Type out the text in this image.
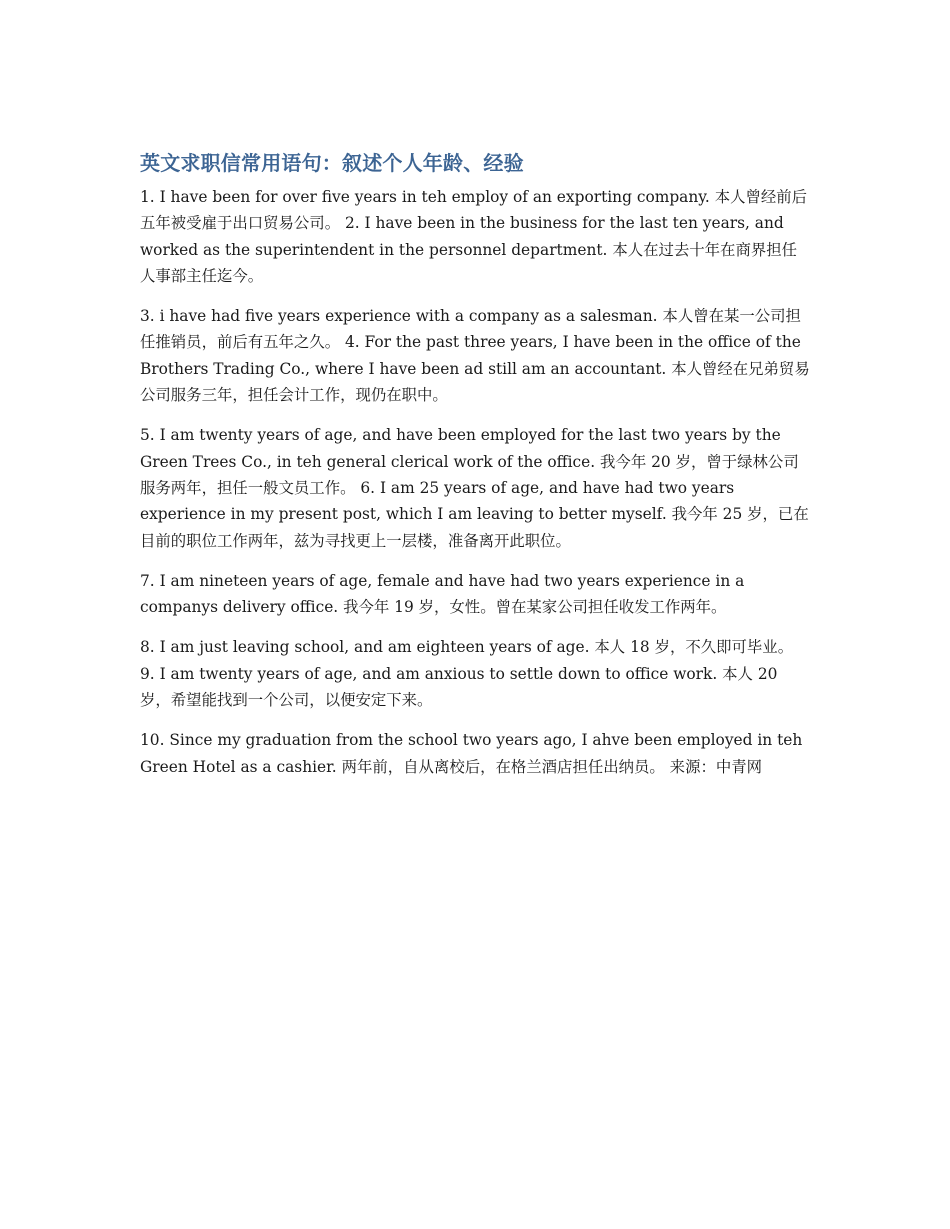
英文求职信常用语句：叙述个人年龄、经验

1. I have been for over five years in teh employ of an exporting company. 本人曾经前后五年被受雇于出口贸易公司。 2. I have been in the business for the last ten years, and worked as the superintendent in the personnel department. 本人在过去十年在商界担任人事部主任迄今。

3. i have had five years experience with a company as a salesman. 本人曾在某一公司担任推销员，前后有五年之久。 4. For the past three years, I have been in the office of the Brothers Trading Co., where I have been ad still am an accountant. 本人曾经在兄弟贸易公司服务三年，担任会计工作，现仍在职中。

5. I am twenty years of age, and have been employed for the last two years by the Green Trees Co., in teh general clerical work of the office. 我今年 20 岁，曾于绿林公司服务两年，担任一般文员工作。 6. I am 25 years of age, and have had two years experience in my present post, which I am leaving to better myself. 我今年 25 岁，已在目前的职位工作两年，兹为寻找更上一层楼，准备离开此职位。

7. I am nineteen years of age, female and have had two years experience in a companys delivery office. 我今年 19 岁，女性。曾在某家公司担任收发工作两年。

8. I am just leaving school, and am eighteen years of age. 本人 18 岁，不久即可毕业。 9. I am twenty years of age, and am anxious to settle down to office work. 本人 20 岁，希望能找到一个公司，以便安定下来。

10. Since my graduation from the school two years ago, I ahve been employed in teh Green Hotel as a cashier. 两年前，自从离校后，在格兰酒店担任出纳员。 来源：中青网
